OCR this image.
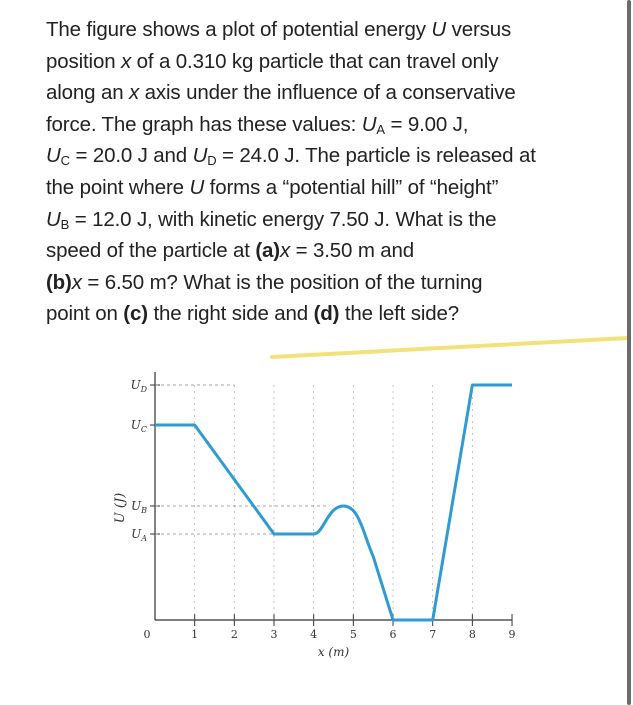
The figure shows a plot of potential energy U versus
position x of a 0.310 kg particle that can travel only
along an x axis under the influence of a conservative
force. The graph has these values: $U_A = 9.00$ J,
$U_C = 20.0$ J and $U_D = 24.0$ J. The particle is released at
the point where U forms a “potential hill” of “height”
$U_B = 12.0$ J, with kinetic energy 7.50 J. What is the
speed of the particle at (a)x = 3.50 m and
(b)x = 6.50 m? What is the position of the turning
point on (c) the right side and (d) the left side?

0	1	2	3	4	5	6	7	8	9
$U_D$
$U_C$
$U_B$
$U_A$
U (J)
x (m)
